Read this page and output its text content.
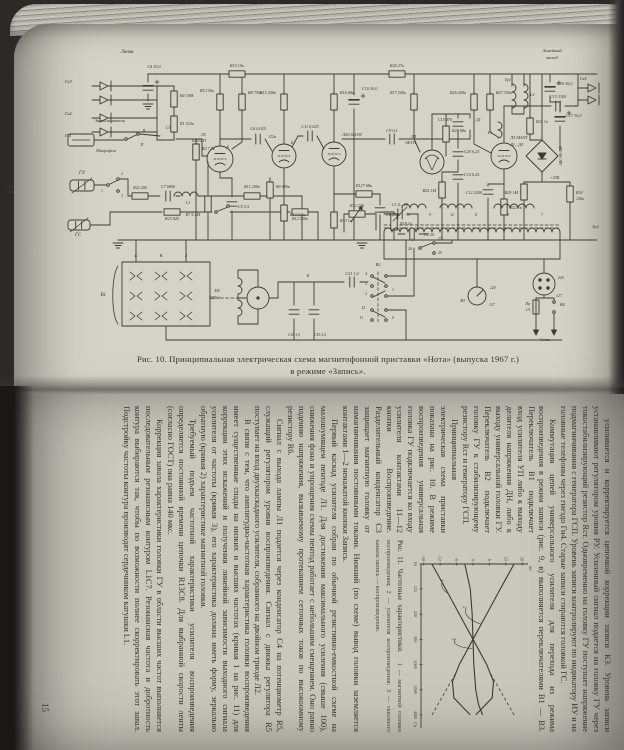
14
Линия
Гн3
Гн2
Звукосниматель
Гн1
Микрофон
ГУ
ГС
С4 30,0
R4 10М
R1 510к
С3
R2 7,5к
R5 150к	R8 750к
С6 0,025
Л1
6Ж32П
Л2а	Л2б 6Н1П
R15 200к	R16 68к
С11 0,025
С10 30,0
R10 10к	R20 27к
С5 0,5
R7 5,1М
R9 680к
R14 3,9к
R13 1к
С7 6800
L1
R22 200	R11 200к
R23 820	R12 150к
R12* 68к
С8 2200
R18 1к
С9 0,1
R17 200к
R21 68к
С15 470	Д1
С20 0,25
С14 0,25
R25 1М
Л4
6Е1П
R26 200к	R27 300к
Тр1
L2
L3
С13 3300
Л3 6Н1П
С16 30,0
С17 30,0
R24 1к
Д1—Д4
АВС-80-260
+25В
R29 1М	R30
150к
R22 1к
С12 2200
Линейный
выход
Гн4
Тр2
В1
С	В	З
М1
ЭДГ-2
Е
С18 1,0	С19 2,0
С21 1,0
В2
С	27
26
25
4
3
2
1
12
11	9
В3
220
127
220
127
Пр
1А
В4
Сеть
10	9	12	11	8	7
R32 270	С1 6—30
С2 20
1
2
3
В
П	Б
Б
Рис. 10. Принципиальная электрическая схема магнитофонной приставки «Нота» (выпуска 1967 г.)
в режиме «Запись».

усиливается и корректируется цепочкой коррекции записи КЗ. Уровень записи устанавливают регулятором уровня РУ. Усиленный сигнал подается на головку ГУ через токостабилизирующий резистор Rст. Одновременно на головку ГУ поступает напряжение подмагничивания с генератора ГСП. Уровень записи контролируют по индикатору ИУ и на головные телефоны через гнездо Гн4. Старые записи стираются головкой ГС.

Коммутация цепей универсального усилителя для перехода из режима воспроизведения в режим записи (рис. 9, в) выполняется переключателями В1 — В3.
-18	-12	-6	0	6	12	18
63
125
250
500
1000
2000
4000
дб
Гц
1
2
3
Рис. 11. Частотные характеристики. 1 — магнитной головки воспроизведения; 2 — усилителя воспроизведения; 3 — сквозного канала запись — воспроизведение.
Переключатель В1 подключает вход усилителя УП либо к выходу делителя напряжения ДН, либо к выходу универсальной головки ГУ. Переключатель В2 подключает головку ГУ к стабилизирующему резистору Rст и генератору ГСП.

Принципиальная электрическая схема приставки показана на рис. 10. В режиме воспроизведения универсальная головка ГУ подключается ко входу усилителя контактами 11—12 кнопки Воспроизведение. Разделительный конденсатор С3 защищает магнитную головку от намагничивания постоянными токами. Нижний (по схеме) вывод головки заземляется контактами 1—2 ненажатой кнопки Запись.

Первый каскад усилителя собран по обычной резистивно-емкостной схеме на малошумящем пентоде Л1. Для достижения максимального усиления (свыше 100), снижения фона и упрощения схемы пентод работает с небольшим смещением. Оно равно падению напряжения, вызываемому протеканием сеточных токов по высокоомному резистору R6.

Сигнал с выхода лампы Л1 подается через конденсатор С4 на потенциометр R5, служащий регулятором уровня воспроизведения. Сигнал с движка регулятора R5 поступает на вход двухкаскадного усилителя, собранного на двойном триоде Л2.

В связи с тем, что амплитудно-частотная характеристика головки воспроизведения имеет существенные спады на низких и высших частотах (кривая 1 на рис. 11) для коррекции этих искажений и получения линейной зависимости выходного сигнала усилителя от частоты (кривая 3), его характеристика должна иметь форму, зеркально обратную (кривая 2) характеристике магнитной головки.

Требуемый подъем частотной характеристики усилителя воспроизведения определяется постоянной времени цепочки R13C8. Для выбранной скорости ленты (согласно ГОСТ) она равна 140 мкс.

Коррекция завала характеристики головки ГУ в области высших частот выполняется последовательным резонансным контуром L1C7. Резонансная частота и добротность контура выбираются так, чтобы по возможности полнее скорректировать этот завал. Подстройку частоты контура производят сердечником катушки L1.

15
